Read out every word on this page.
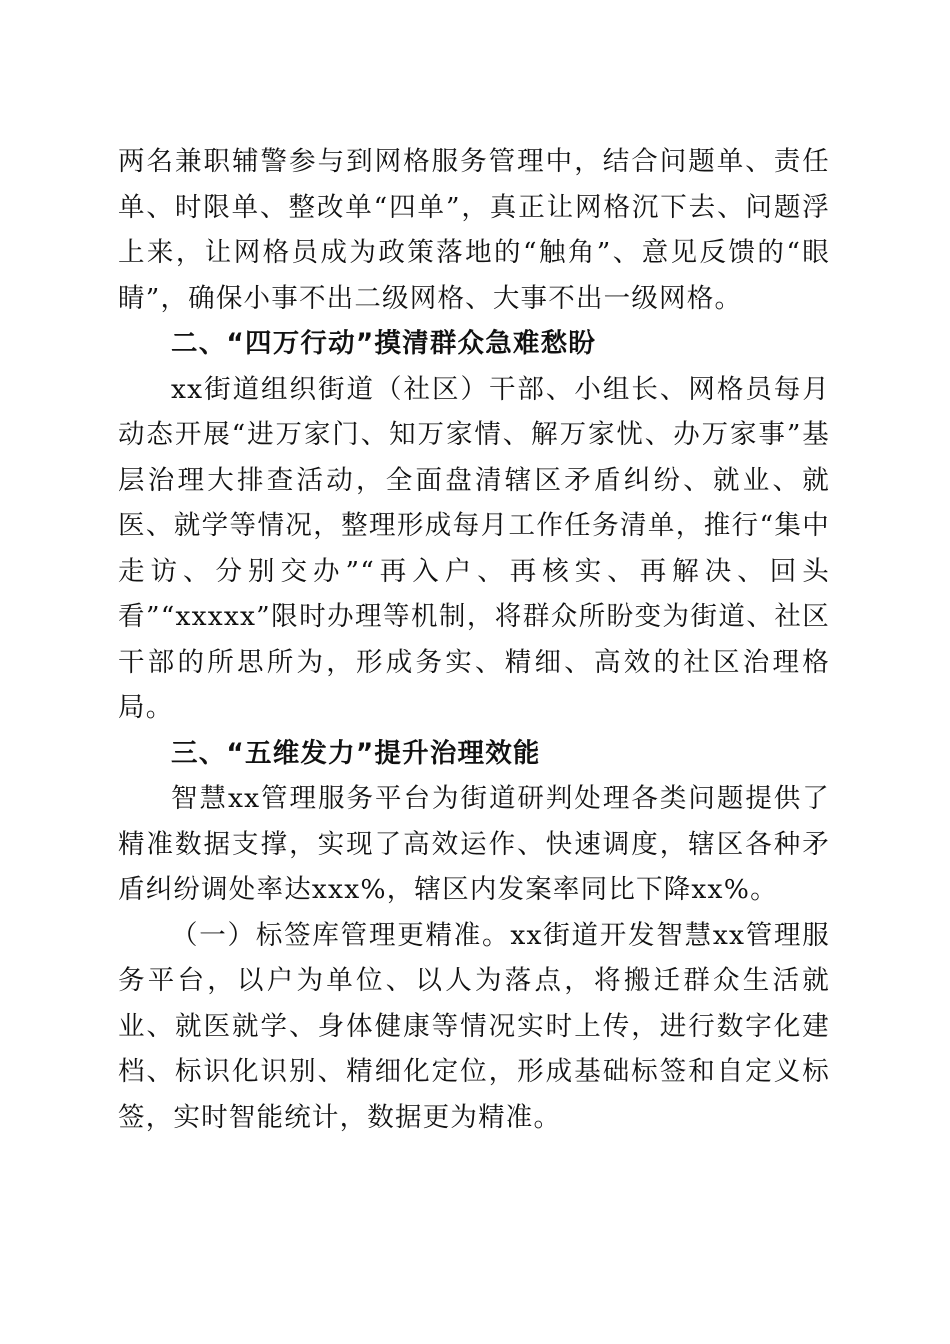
两名兼职辅警参与到网格服务管理中，结合问题单、责任单、时限单、整改单“四单”，真正让网格沉下去、问题浮上来，让网格员成为政策落地的“触角”、意见反馈的“眼睛”，确保小事不出二级网格、大事不出一级网格。

二、“四万行动”摸清群众急难愁盼

xx街道组织街道（社区）干部、小组长、网格员每月动态开展“进万家门、知万家情、解万家忧、办万家事”基层治理大排查活动，全面盘清辖区矛盾纠纷、就业、就医、就学等情况，整理形成每月工作任务清单，推行“集中走访、分别交办”“再入户、再核实、再解决、回头看”“xxxxx”限时办理等机制，将群众所盼变为街道、社区干部的所思所为，形成务实、精细、高效的社区治理格局。

三、“五维发力”提升治理效能

智慧xx管理服务平台为街道研判处理各类问题提供了精准数据支撑，实现了高效运作、快速调度，辖区各种矛盾纠纷调处率达xxx%，辖区内发案率同比下降xx%。

（一）标签库管理更精准。xx街道开发智慧xx管理服务平台，以户为单位、以人为落点，将搬迁群众生活就业、就医就学、身体健康等情况实时上传，进行数字化建档、标识化识别、精细化定位，形成基础标签和自定义标签，实时智能统计，数据更为精准。
